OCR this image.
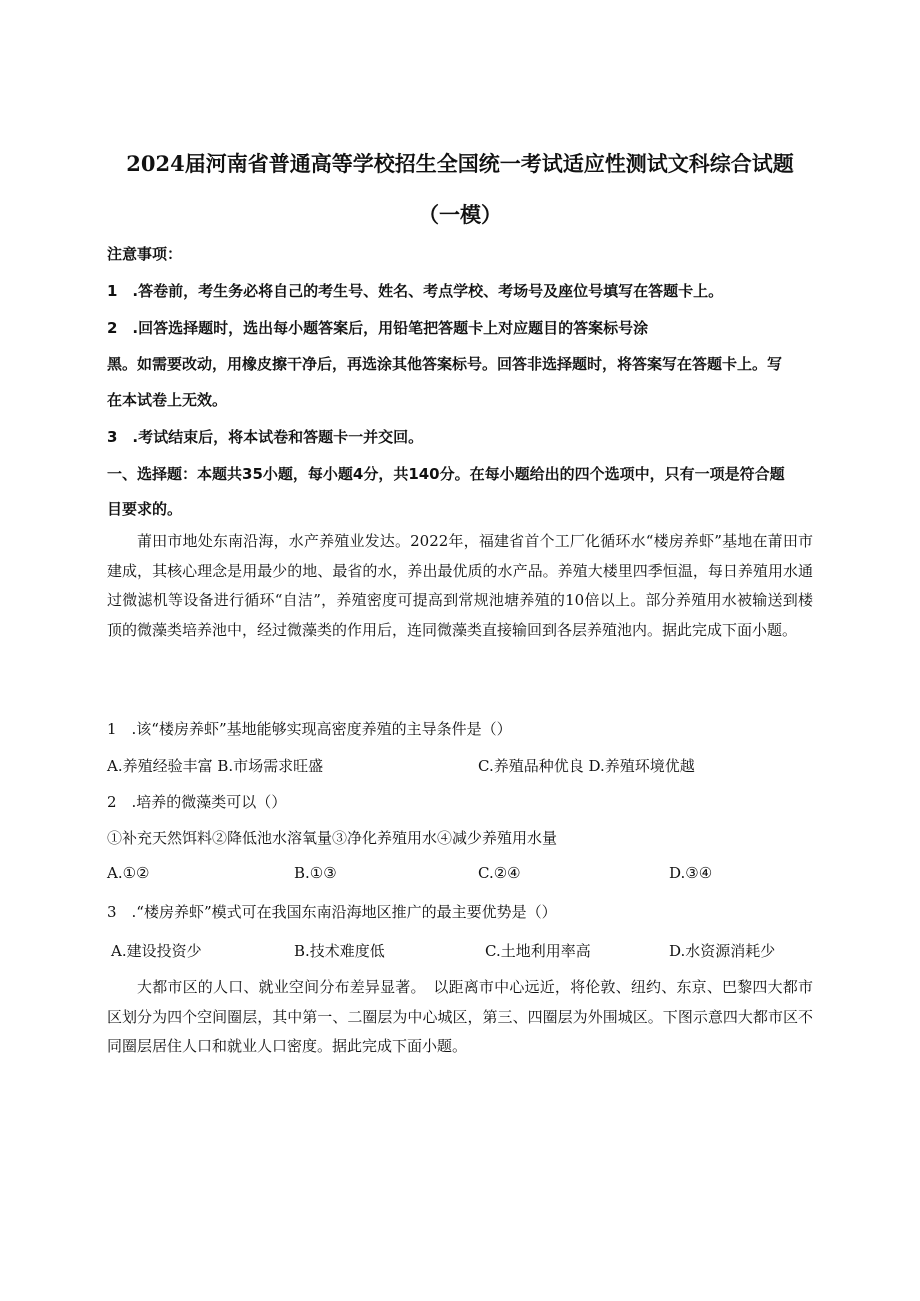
2024届河南省普通高等学校招生全国统一考试适应性测试文科综合试题
（一模）
注意事项：
1　.答卷前，考生务必将自己的考生号、姓名、考点学校、考场号及座位号填写在答题卡上。
2　.回答选择题时，选出每小题答案后，用铅笔把答题卡上对应题目的答案标号涂
黑。如需要改动，用橡皮擦干净后，再选涂其他答案标号。回答非选择题时，将答案写在答题卡上。写
在本试卷上无效。
3　.考试结束后，将本试卷和答题卡一并交回。
一、选择题：本题共35小题，每小题4分，共140分。在每小题给出的四个选项中，只有一项是符合题
目要求的。

莆田市地处东南沿海，水产养殖业发达。2022年，福建省首个工厂化循环水“楼房养虾”基地在莆田市建成，其核心理念是用最少的地、最省的水，养出最优质的水产品。养殖大楼里四季恒温，每日养殖用水通过微滤机等设备进行循环“自洁”，养殖密度可提高到常规池塘养殖的10倍以上。部分养殖用水被输送到楼顶的微藻类培养池中，经过微藻类的作用后，连同微藻类直接输回到各层养殖池内。据此完成下面小题。

1　.该“楼房养虾”基地能够实现高密度养殖的主导条件是（）
A.养殖经验丰富 B.市场需求旺盛	C.养殖品种优良 D.养殖环境优越
2　.培养的微藻类可以（）
①补充天然饵料②降低池水溶氧量③净化养殖用水④减少养殖用水量
A.①②	B.①③	C.②④	D.③④
3　.“楼房养虾”模式可在我国东南沿海地区推广的最主要优势是（）
A.建设投资少	B.技术难度低	C.土地利用率高	D.水资源消耗少

大都市区的人口、就业空间分布差异显著。　以距离市中心远近，将伦敦、纽约、东京、巴黎四大都市区划分为四个空间圈层，其中第一、二圈层为中心城区，第三、四圈层为外围城区。下图示意四大都市区不同圈层居住人口和就业人口密度。据此完成下面小题。
